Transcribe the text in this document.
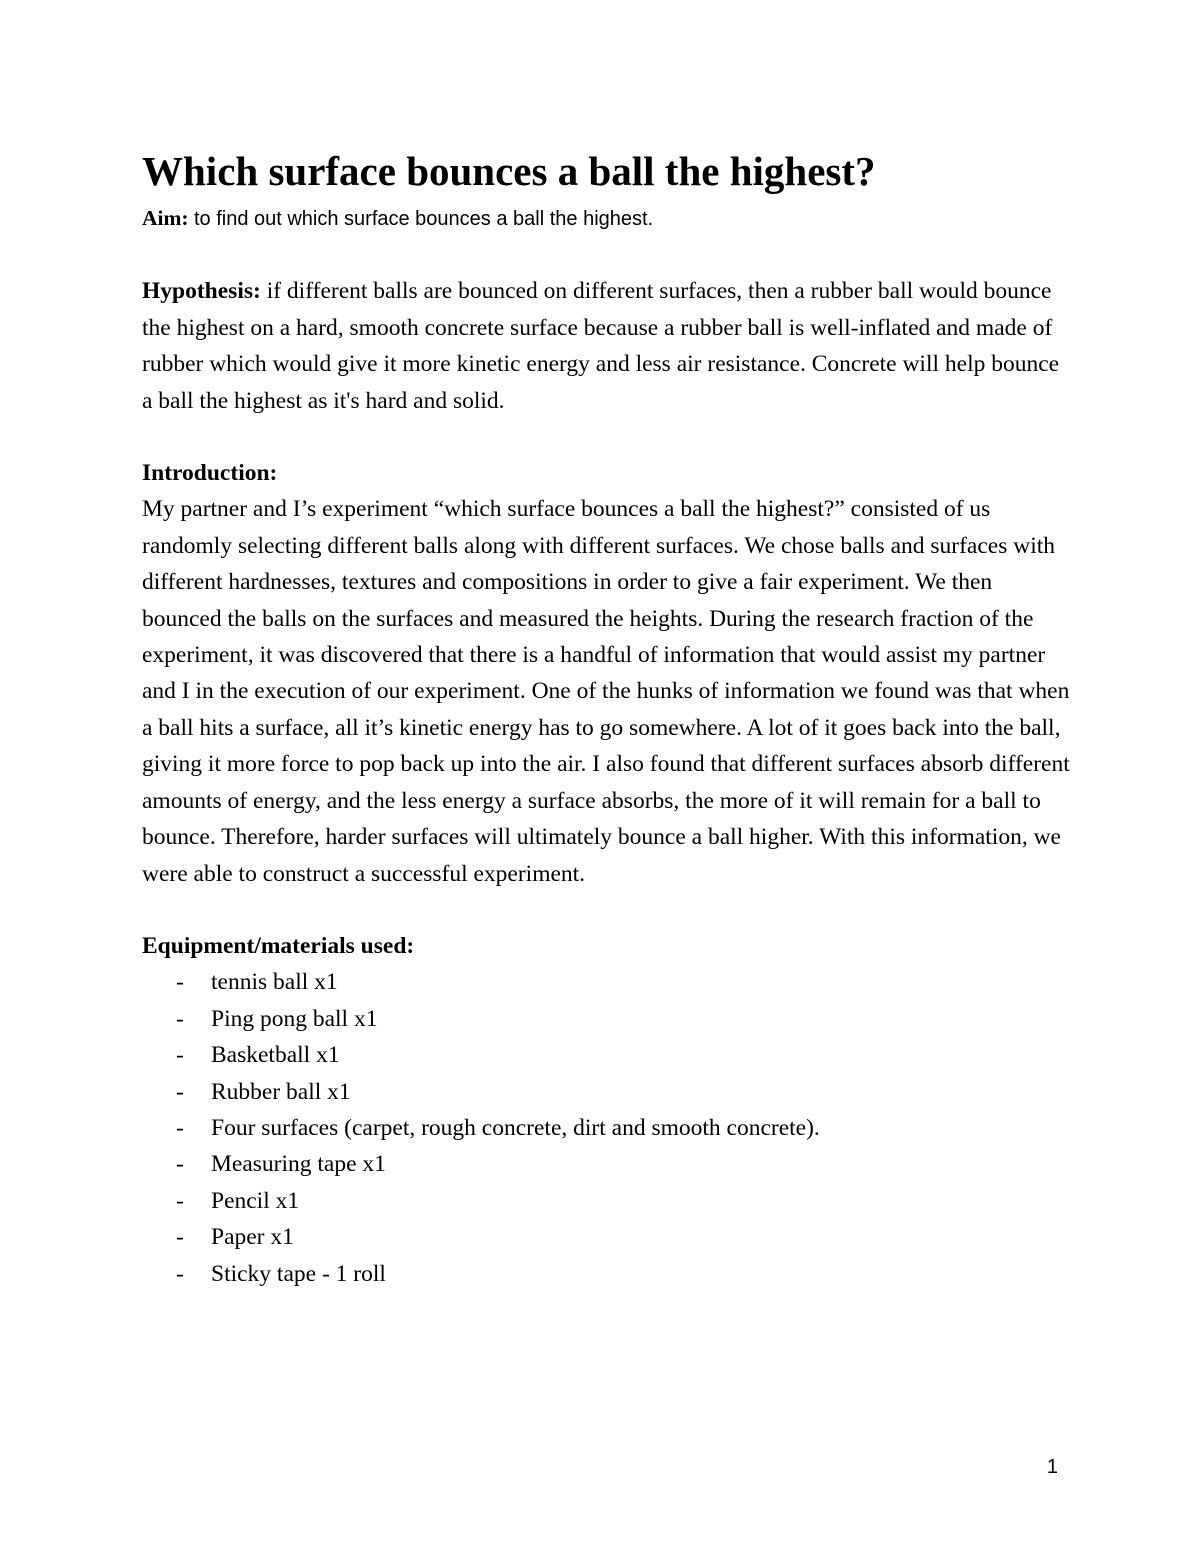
Which surface bounces a ball the highest?

Aim: to find out which surface bounces a ball the highest.

Hypothesis: if different balls are bounced on different surfaces, then a rubber ball would bounce the highest on a hard, smooth concrete surface because a rubber ball is well-inflated and made of rubber which would give it more kinetic energy and less air resistance. Concrete will help bounce a ball the highest as it's hard and solid.

Introduction:

My partner and I’s experiment “which surface bounces a ball the highest?” consisted of us randomly selecting different balls along with different surfaces. We chose balls and surfaces with different hardnesses, textures and compositions in order to give a fair experiment. We then bounced the balls on the surfaces and measured the heights. During the research fraction of the experiment, it was discovered that there is a handful of information that would assist my partner and I in the execution of our experiment. One of the hunks of information we found was that when a ball hits a surface, all it’s kinetic energy has to go somewhere. A lot of it goes back into the ball, giving it more force to pop back up into the air. I also found that different surfaces absorb different amounts of energy, and the less energy a surface absorbs, the more of it will remain for a ball to bounce. Therefore, harder surfaces will ultimately bounce a ball higher. With this information, we were able to construct a successful experiment.

Equipment/materials used:
- tennis ball x1
- Ping pong ball x1
- Basketball x1
- Rubber ball x1
- Four surfaces (carpet, rough concrete, dirt and smooth concrete).
- Measuring tape x1
- Pencil x1
- Paper x1
- Sticky tape - 1 roll
1
